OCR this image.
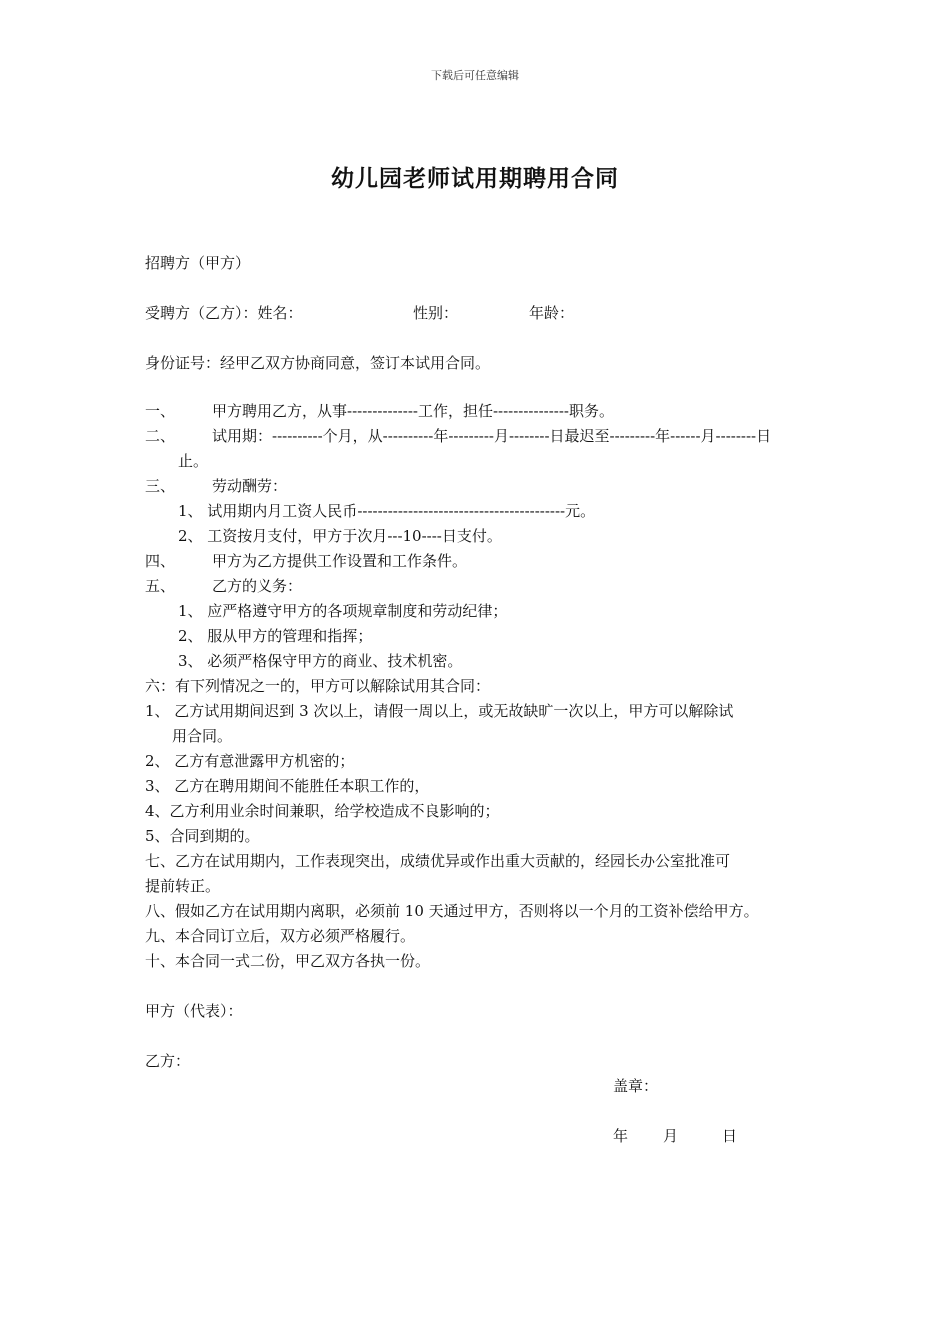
下载后可任意编辑
幼儿园老师试用期聘用合同
招聘方（甲方）
受聘方（乙方）：姓名：	性别：	年龄：
身份证号：经甲乙双方协商同意，签订本试用合同。
一、 甲方聘用乙方，从事--------------工作，担任---------------职务。
二、 试用期：----------个月，从----------年---------月--------日最迟至---------年------月--------日
止。
三、 劳动酬劳：
1、 试用期内月工资人民币-----------------------------------------元。
2、 工资按月支付，甲方于次月---10----日支付。
四、 甲方为乙方提供工作设置和工作条件。
五、 乙方的义务：
1、 应严格遵守甲方的各项规章制度和劳动纪律；
2、 服从甲方的管理和指挥；
3、 必须严格保守甲方的商业、技术机密。
六：有下列情况之一的，甲方可以解除试用其合同：
1、 乙方试用期间迟到 3 次以上，请假一周以上，或无故缺旷一次以上，甲方可以解除试
用合同。
2、 乙方有意泄露甲方机密的；
3、 乙方在聘用期间不能胜任本职工作的，
4、乙方利用业余时间兼职，给学校造成不良影响的；
5、合同到期的。
七、乙方在试用期内，工作表现突出，成绩优异或作出重大贡献的，经园长办公室批准可
提前转正。
八、假如乙方在试用期内离职，必须前 10 天通过甲方，否则将以一个月的工资补偿给甲方。
九、本合同订立后，双方必须严格履行。
十、本合同一式二份，甲乙双方各执一份。
甲方（代表）：
乙方：
盖章：
年 月	日
